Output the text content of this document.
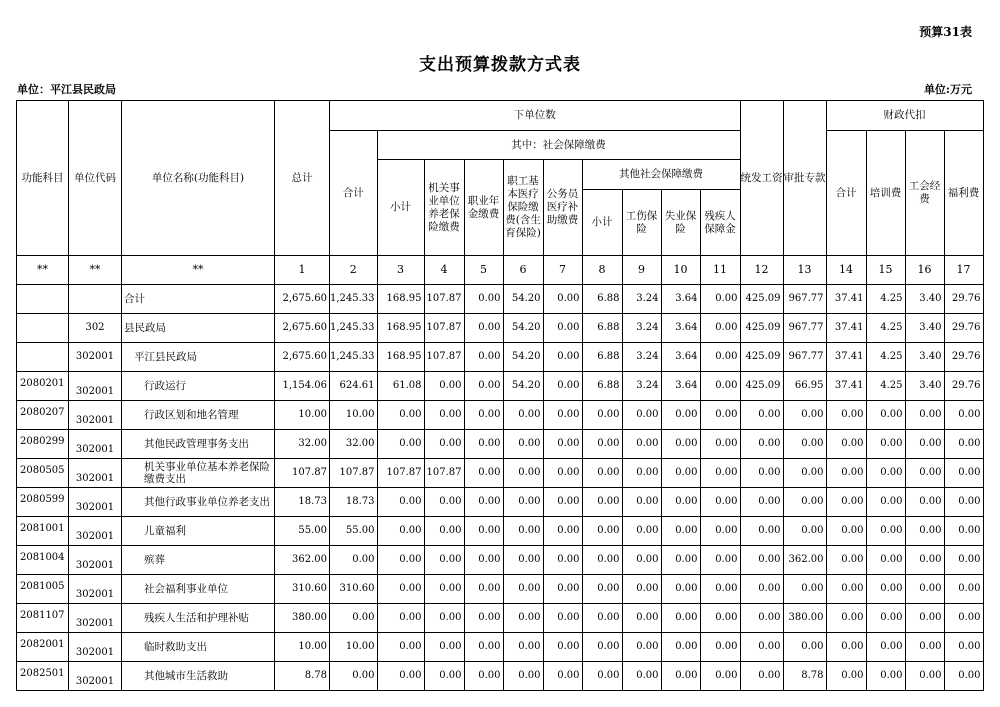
预算31表
支出预算拨款方式表
单位：平江县民政局	单位:万元
功能科目	单位代码	单位名称(功能科目)	总计	下单位数										统发工资	审批专款	财政代扣			
				合计	其中：社会保障缴费											合计	培训费	工会经费	福利费
					小计	机关事业单位养老保险缴费	职业年金缴费	职工基本医疗保险缴费(含生育保险)	公务员医疗补助缴费	其他社会保障缴费									
										小计	工伤保险	失业保险	残疾人保障金						
**	**	**	1	2	3	4	5	6	7	8	9	10	11	12	13	14	15	16	17
		合计	2,675.60	1,245.33	168.95	107.87	0.00	54.20	0.00	6.88	3.24	3.64	0.00	425.09	967.77	37.41	4.25	3.40	29.76
	302	县民政局	2,675.60	1,245.33	168.95	107.87	0.00	54.20	0.00	6.88	3.24	3.64	0.00	425.09	967.77	37.41	4.25	3.40	29.76
	302001	平江县民政局	2,675.60	1,245.33	168.95	107.87	0.00	54.20	0.00	6.88	3.24	3.64	0.00	425.09	967.77	37.41	4.25	3.40	29.76
2080201	302001	行政运行	1,154.06	624.61	61.08	0.00	0.00	54.20	0.00	6.88	3.24	3.64	0.00	425.09	66.95	37.41	4.25	3.40	29.76
2080207	302001	行政区划和地名管理	10.00	10.00	0.00	0.00	0.00	0.00	0.00	0.00	0.00	0.00	0.00	0.00	0.00	0.00	0.00	0.00	0.00
2080299	302001	其他民政管理事务支出	32.00	32.00	0.00	0.00	0.00	0.00	0.00	0.00	0.00	0.00	0.00	0.00	0.00	0.00	0.00	0.00	0.00
2080505	302001	机关事业单位基本养老保险缴费支出	107.87	107.87	107.87	107.87	0.00	0.00	0.00	0.00	0.00	0.00	0.00	0.00	0.00	0.00	0.00	0.00	0.00
2080599	302001	其他行政事业单位养老支出	18.73	18.73	0.00	0.00	0.00	0.00	0.00	0.00	0.00	0.00	0.00	0.00	0.00	0.00	0.00	0.00	0.00
2081001	302001	儿童福利	55.00	55.00	0.00	0.00	0.00	0.00	0.00	0.00	0.00	0.00	0.00	0.00	0.00	0.00	0.00	0.00	0.00
2081004	302001	殡葬	362.00	0.00	0.00	0.00	0.00	0.00	0.00	0.00	0.00	0.00	0.00	0.00	362.00	0.00	0.00	0.00	0.00
2081005	302001	社会福利事业单位	310.60	310.60	0.00	0.00	0.00	0.00	0.00	0.00	0.00	0.00	0.00	0.00	0.00	0.00	0.00	0.00	0.00
2081107	302001	残疾人生活和护理补贴	380.00	0.00	0.00	0.00	0.00	0.00	0.00	0.00	0.00	0.00	0.00	0.00	380.00	0.00	0.00	0.00	0.00
2082001	302001	临时救助支出	10.00	10.00	0.00	0.00	0.00	0.00	0.00	0.00	0.00	0.00	0.00	0.00	0.00	0.00	0.00	0.00	0.00
2082501	302001	其他城市生活救助	8.78	0.00	0.00	0.00	0.00	0.00	0.00	0.00	0.00	0.00	0.00	0.00	8.78	0.00	0.00	0.00	0.00
